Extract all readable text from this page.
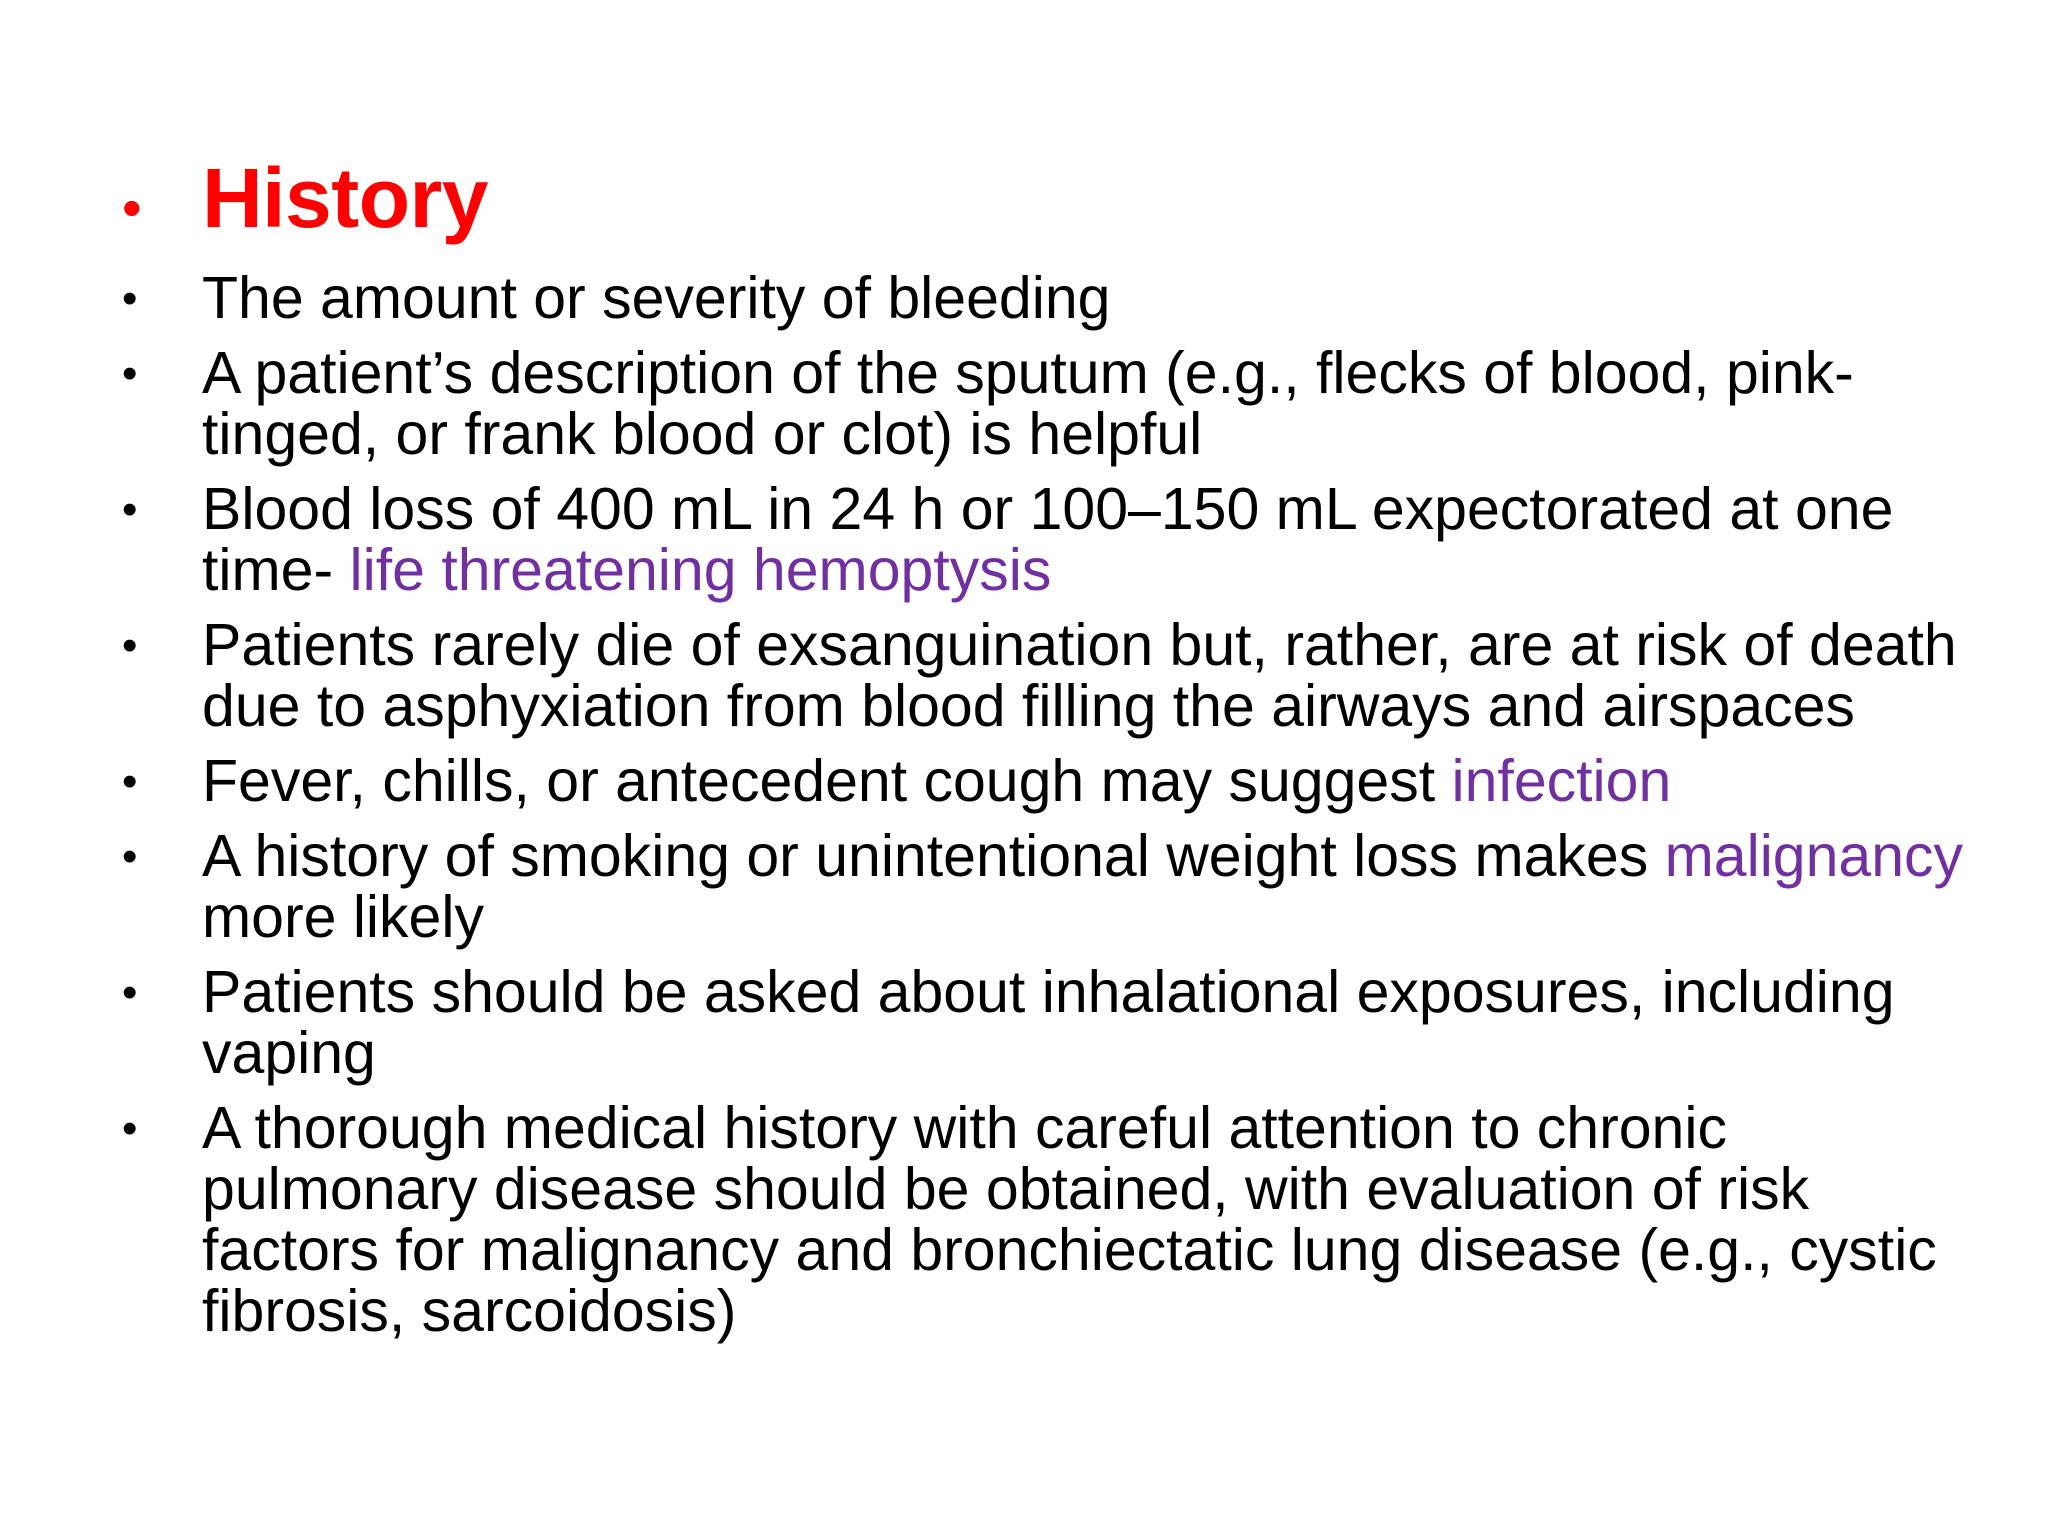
• History
•	The amount or severity of bleeding
•	A patient’s description of the sputum (e.g., flecks of blood, pink-tinged, or frank blood or clot) is helpful
•	Blood loss of 400 mL in 24 h or 100–150 mL expectorated at one time- life threatening hemoptysis
•	Patients rarely die of exsanguination but, rather, are at risk of death due to asphyxiation from blood filling the airways and airspaces
•	Fever, chills, or antecedent cough may suggest infection
•	A history of smoking or unintentional weight loss makes malignancy more likely
•	Patients should be asked about inhalational exposures, including vaping
•	A thorough medical history with careful attention to chronic pulmonary disease should be obtained, with evaluation of risk factors for malignancy and bronchiectatic lung disease (e.g., cystic fibrosis, sarcoidosis)
